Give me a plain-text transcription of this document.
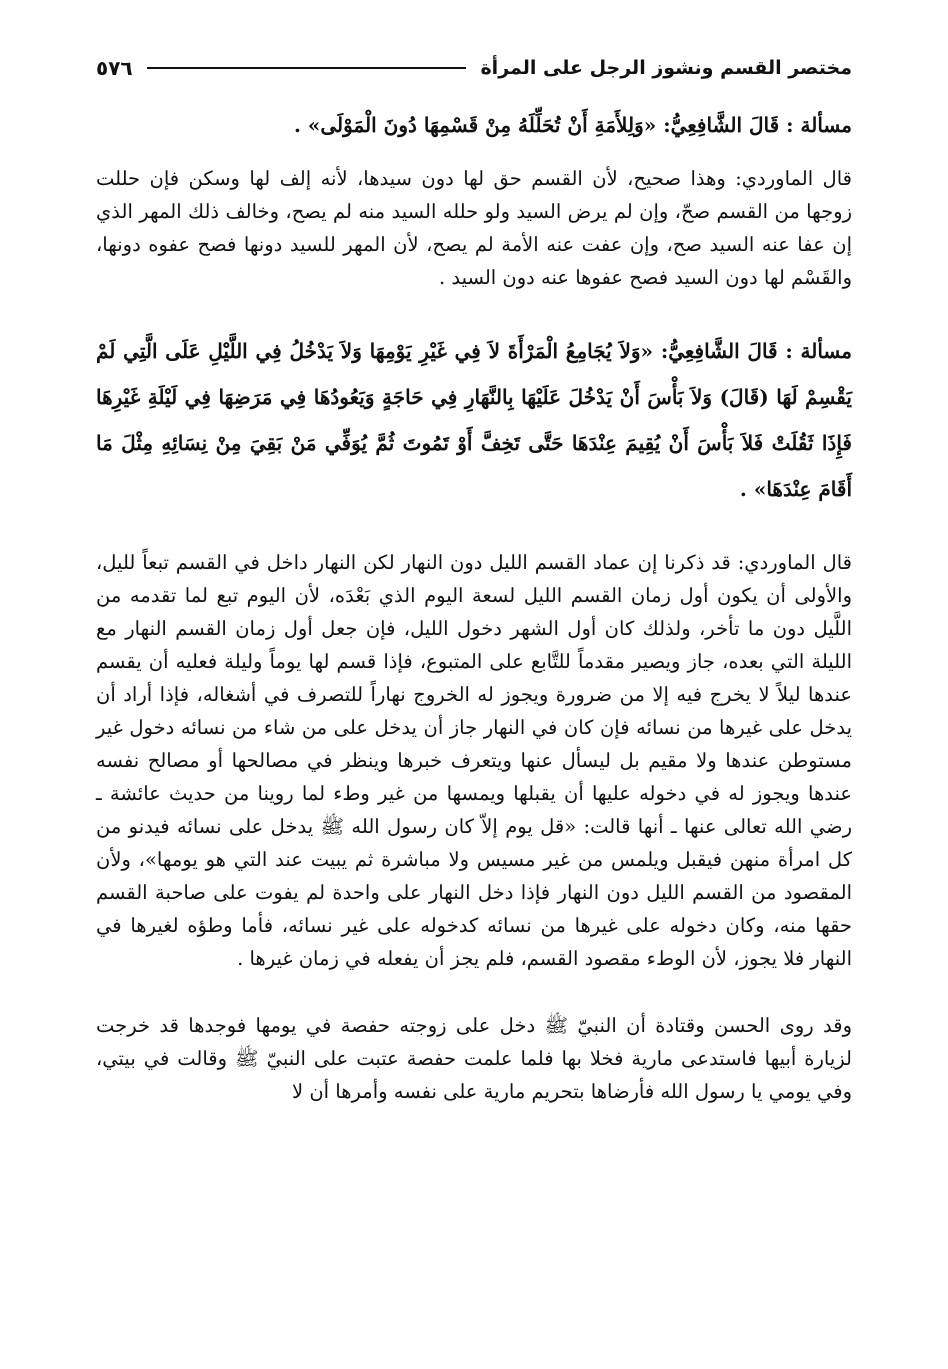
مختصر القسم ونشوز الرجل على المرأة
٥٧٦

مسألة : قَالَ الشَّافِعِيُّ: «وَلِلأَمَةِ أَنْ تُحَلِّلَهُ مِنْ قَسْمِهَا دُونَ الْمَوْلَى» .

قال الماوردي: وهذا صحيح، لأن القسم حق لها دون سيدها، لأنه إلف لها وسكن فإن حللت زوجها من القسم صحّ، وإن لم يرض السيد ولو حلله السيد منه لم يصح، وخالف ذلك المهر الذي إن عفا عنه السيد صح، وإن عفت عنه الأمة لم يصح، لأن المهر للسيد دونها فصح عفوه دونها، والقَسْم لها دون السيد فصح عفوها عنه دون السيد .

مسألة : قَالَ الشَّافِعِيُّ: «وَلاَ يُجَامِعُ الْمَرْأَةَ لاَ فِي غَيْرِ يَوْمِهَا وَلاَ يَدْخُلُ فِي اللَّيْلِ عَلَى الَّتِي لَمْ يَقْسِمْ لَهَا (قَالَ) وَلاَ بَأْسَ أَنْ يَدْخُلَ عَلَيْهَا بِالنَّهَارِ فِي حَاجَةٍ وَيَعُودُهَا فِي مَرَضِهَا فِي لَيْلَةِ غَيْرِهَا فَإِذَا ثَقُلَتْ فَلاَ بَأْسَ أَنْ يُقِيمَ عِنْدَهَا حَتَّى تَخِفَّ أَوْ تَمُوتَ ثُمَّ يُوَفِّي مَنْ بَقِيَ مِنْ نِسَائِهِ مِثْلَ مَا أَقَامَ عِنْدَهَا» .

قال الماوردي: قد ذكرنا إن عماد القسم الليل دون النهار لكن النهار داخل في القسم تبعاً لليل، والأولى أن يكون أول زمان القسم الليل لسعة اليوم الذي بَعْدَه، لأن اليوم تبع لما تقدمه من اللَّيل دون ما تأخر، ولذلك كان أول الشهر دخول الليل، فإن جعل أول زمان القسم النهار مع الليلة التي بعده، جاز ويصير مقدماً للتَّابع على المتبوع، فإذا قسم لها يوماً وليلة فعليه أن يقسم عندها ليلاً لا يخرج فيه إلا من ضرورة ويجوز له الخروج نهاراً للتصرف في أشغاله، فإذا أراد أن يدخل على غيرها من نسائه فإن كان في النهار جاز أن يدخل على من شاء من نسائه دخول غير مستوطن عندها ولا مقيم بل ليسأل عنها ويتعرف خبرها وينظر في مصالحها أو مصالح نفسه عندها ويجوز له في دخوله عليها أن يقبلها ويمسها من غير وطء لما روينا من حديث عائشة ـ رضي الله تعالى عنها ـ أنها قالت: «قل يوم إلاّ كان رسول الله ﷺ يدخل على نسائه فيدنو من كل امرأة منهن فيقبل ويلمس من غير مسيس ولا مباشرة ثم يبيت عند التي هو يومها»، ولأن المقصود من القسم الليل دون النهار فإذا دخل النهار على واحدة لم يفوت على صاحبة القسم حقها منه، وكان دخوله على غيرها من نسائه كدخوله على غير نسائه، فأما وطؤه لغيرها في النهار فلا يجوز، لأن الوطء مقصود القسم، فلم يجز أن يفعله في زمان غيرها .

وقد روى الحسن وقتادة أن النبيّ ﷺ دخل على زوجته حفصة في يومها فوجدها قد خرجت لزيارة أبيها فاستدعى مارية فخلا بها فلما علمت حفصة عتبت على النبيّ ﷺ وقالت في بيتي، وفي يومي يا رسول الله فأرضاها بتحريم مارية على نفسه وأمرها أن لا
